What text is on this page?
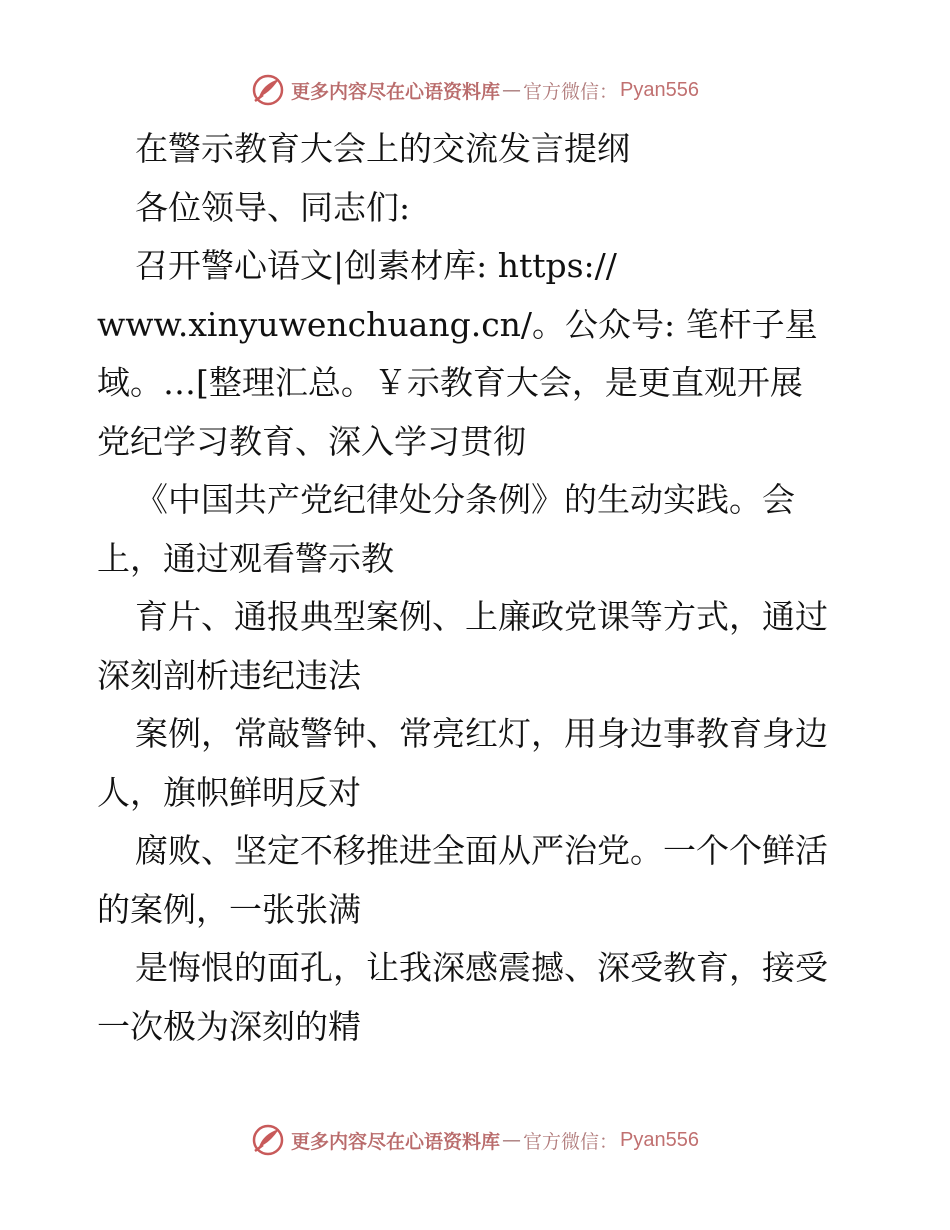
更多内容尽在心语资料库 — 官方微信： Pyan556
在警示教育大会上的交流发言提纲
各位领导、同志们:
召开警心语文|创素材库: https://
www.xinyuwenchuang.cn/。公众号: 笔杆子星
域。…[整理汇总。￥示教育大会，是更直观开展
党纪学习教育、深入学习贯彻
《中国共产党纪律处分条例》的生动实践。会
上，通过观看警示教
育片、通报典型案例、上廉政党课等方式，通过
深刻剖析违纪违法
案例，常敲警钟、常亮红灯，用身边事教育身边
人，旗帜鲜明反对
腐败、坚定不移推进全面从严治党。一个个鲜活
的案例，一张张满
是悔恨的面孔，让我深感震撼、深受教育，接受
一次极为深刻的精
更多内容尽在心语资料库 — 官方微信： Pyan556
